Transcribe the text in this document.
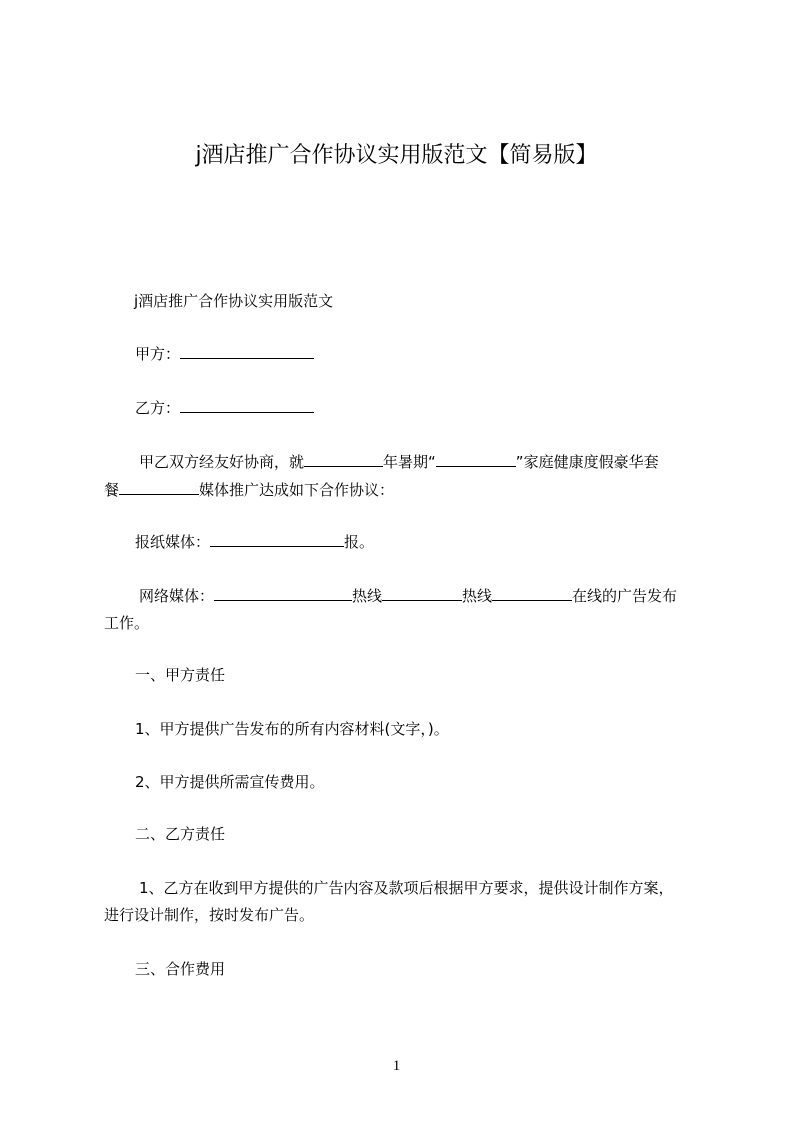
j酒店推广合作协议实用版范文【简易版】

j酒店推广合作协议实用版范文

甲方：

乙方：

甲乙双方经友好协商，就	年暑期“	”家庭健康度假豪华套

餐	媒体推广达成如下合作协议：

报纸媒体：	报。

网络媒体：	热线	热线	在线的广告发布

工作。

一、甲方责任

1、甲方提供广告发布的所有内容材料(文字，)。

2、甲方提供所需宣传费用。

二、乙方责任

1、乙方在收到甲方提供的广告内容及款项后根据甲方要求，提供设计制作方案，

进行设计制作，按时发布广告。

三、合作费用

1
